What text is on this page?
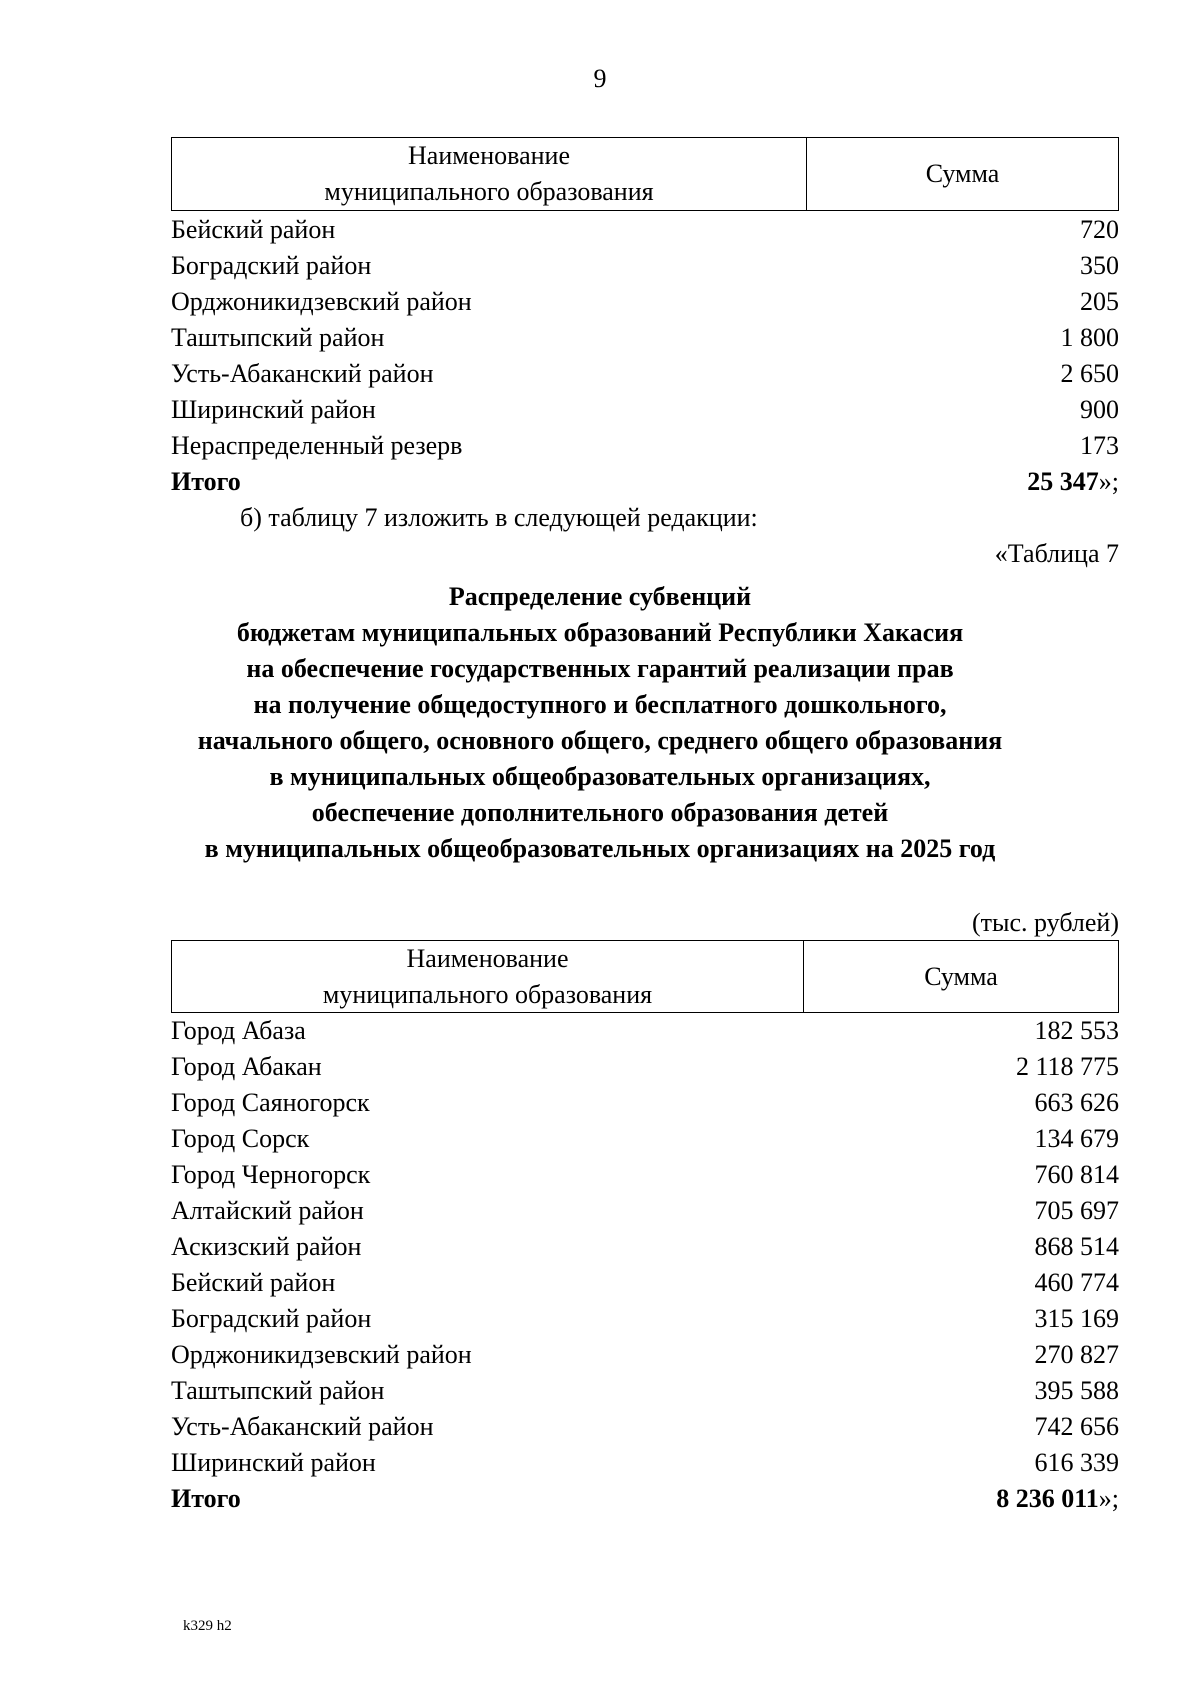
9
Наименование
муниципального образования
Сумма
Бейский район	720
Боградский район	350
Орджоникидзевский район	205
Таштыпский район	1 800
Усть-Абаканский район	2 650
Ширинский район	900
Нераспределенный резерв	173
Итого	25 347»;
б) таблицу 7 изложить в следующей редакции:
«Таблица 7
Распределение субвенций
бюджетам муниципальных образований Республики Хакасия
на обеспечение государственных гарантий реализации прав
на получение общедоступного и бесплатного дошкольного,
начального общего, основного общего, среднего общего образования
в муниципальных общеобразовательных организациях,
обеспечение дополнительного образования детей
в муниципальных общеобразовательных организациях на 2025 год
(тыс. рублей)
Наименование
муниципального образования
Сумма
Город Абаза	182 553
Город Абакан	2 118 775
Город Саяногорск	663 626
Город Сорск	134 679
Город Черногорск	760 814
Алтайский район	705 697
Аскизский район	868 514
Бейский район	460 774
Боградский район	315 169
Орджоникидзевский район	270 827
Таштыпский район	395 588
Усть-Абаканский район	742 656
Ширинский район	616 339
Итого	8 236 011»;
k329 h2
